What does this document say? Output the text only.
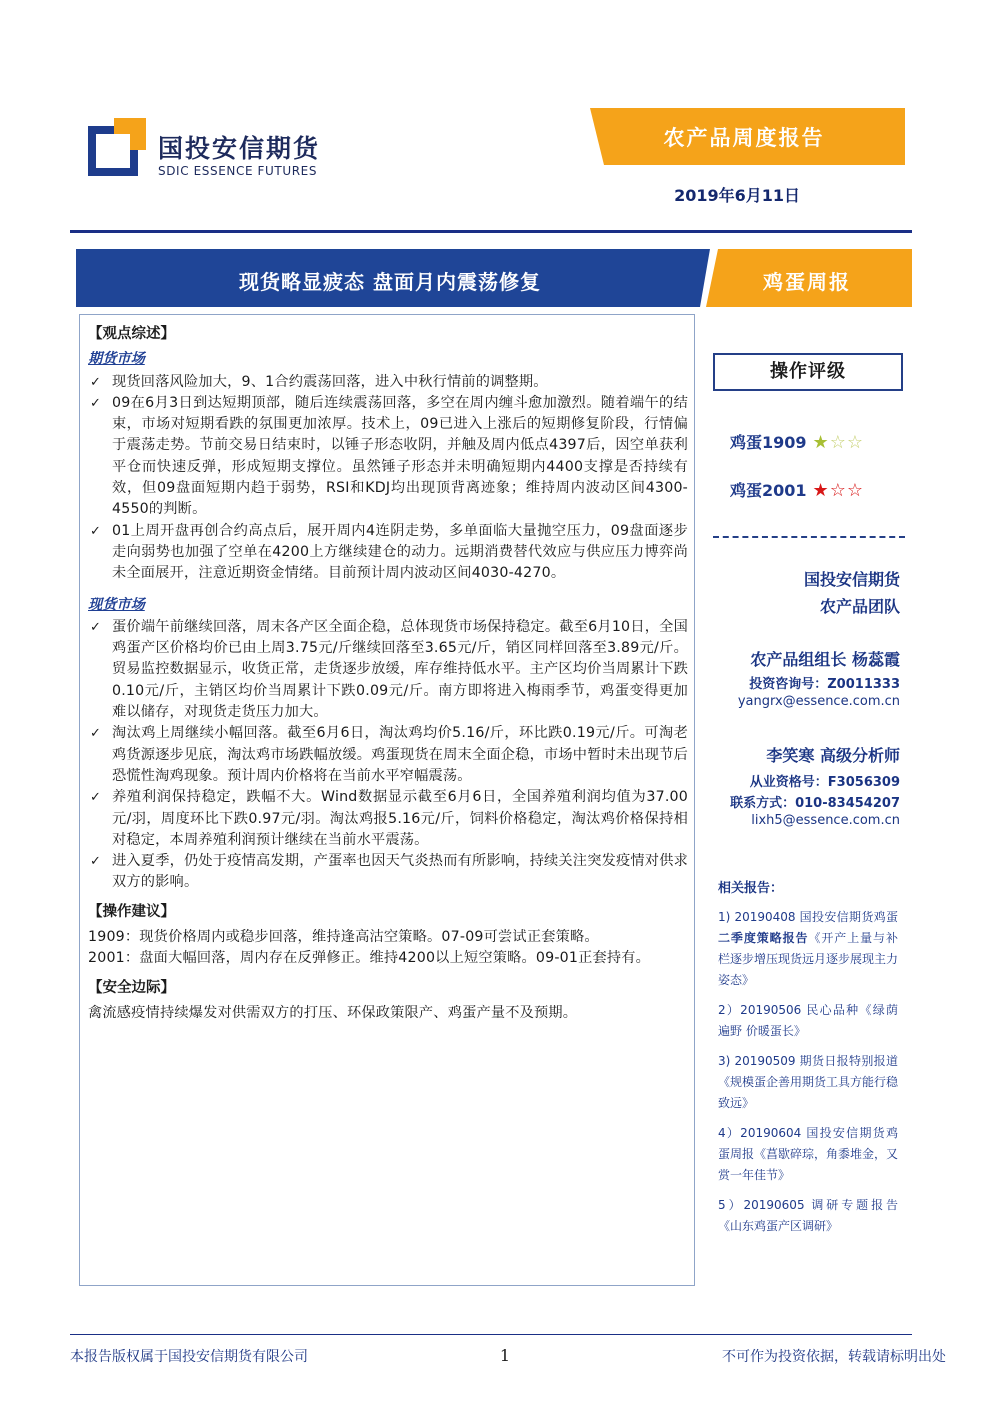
国投安信期货
SDIC ESSENCE FUTURES
农产品周度报告
2019年6月11日
现货略显疲态 盘面月内震荡修复	鸡蛋周报
【观点综述】
期货市场
✓ 现货回落风险加大，9、1合约震荡回落，进入中秋行情前的调整期。
✓ 09在6月3日到达短期顶部，随后连续震荡回落，多空在周内缠斗愈加激烈。随着端午的结束，市场对短期看跌的氛围更加浓厚。技术上，09已进入上涨后的短期修复阶段，行情偏于震荡走势。节前交易日结束时，以锤子形态收阴，并触及周内低点4397后，因空单获利平仓而快速反弹，形成短期支撑位。虽然锤子形态并未明确短期内4400支撑是否持续有效，但09盘面短期内趋于弱势，RSI和KDJ均出现顶背离迹象；维持周内波动区间4300-4550的判断。
✓ 01上周开盘再创合约高点后，展开周内4连阴走势，多单面临大量抛空压力，09盘面逐步走向弱势也加强了空单在4200上方继续建仓的动力。远期消费替代效应与供应压力博弈尚未全面展开，注意近期资金情绪。目前预计周内波动区间4030-4270。
现货市场
✓ 蛋价端午前继续回落，周末各产区全面企稳，总体现货市场保持稳定。截至6月10日，全国鸡蛋产区价格均价已由上周3.75元/斤继续回落至3.65元/斤，销区同样回落至3.89元/斤。贸易监控数据显示，收货正常，走货逐步放缓，库存维持低水平。主产区均价当周累计下跌0.10元/斤，主销区均价当周累计下跌0.09元/斤。南方即将进入梅雨季节，鸡蛋变得更加难以储存，对现货走货压力加大。
✓ 淘汰鸡上周继续小幅回落。截至6月6日，淘汰鸡均价5.16/斤，环比跌0.19元/斤。可淘老鸡货源逐步见底，淘汰鸡市场跌幅放缓。鸡蛋现货在周末全面企稳，市场中暂时未出现节后恐慌性淘鸡现象。预计周内价格将在当前水平窄幅震荡。
✓ 养殖利润保持稳定，跌幅不大。Wind数据显示截至6月6日，全国养殖利润均值为37.00元/羽，周度环比下跌0.97元/羽。淘汰鸡报5.16元/斤，饲料价格稳定，淘汰鸡价格保持相对稳定，本周养殖利润预计继续在当前水平震荡。
✓ 进入夏季，仍处于疫情高发期，产蛋率也因天气炎热而有所影响，持续关注突发疫情对供求双方的影响。
【操作建议】
1909：现货价格周内或稳步回落，维持逢高沽空策略。07-09可尝试正套策略。
2001：盘面大幅回落，周内存在反弹修正。维持4200以上短空策略。09-01正套持有。
【安全边际】
禽流感疫情持续爆发对供需双方的打压、环保政策限产、鸡蛋产量不及预期。
操作评级
鸡蛋1909 ★☆☆
鸡蛋2001 ★☆☆
国投安信期货
农产品团队
农产品组组长 杨蕊霞
投资咨询号：Z0011333
yangrx@essence.com.cn
李笑寒 高级分析师
从业资格号：F3056309
联系方式：010-83454207
lixh5@essence.com.cn
相关报告：
1) 20190408 国投安信期货鸡蛋二季度策略报告《开产上量与补栏逐步增压现货远月逐步展现主力姿态》
2）20190506 民心品种《绿荫遍野 价暖蛋长》
3) 20190509 期货日报特别报道《规模蛋企善用期货工具方能行稳致远》
4）20190604 国投安信期货鸡蛋周报《菖歇碎琮，角黍堆金，又赏一年佳节》
5）20190605 调研专题报告《山东鸡蛋产区调研》
本报告版权属于国投安信期货有限公司	1	不可作为投资依据，转载请标明出处
